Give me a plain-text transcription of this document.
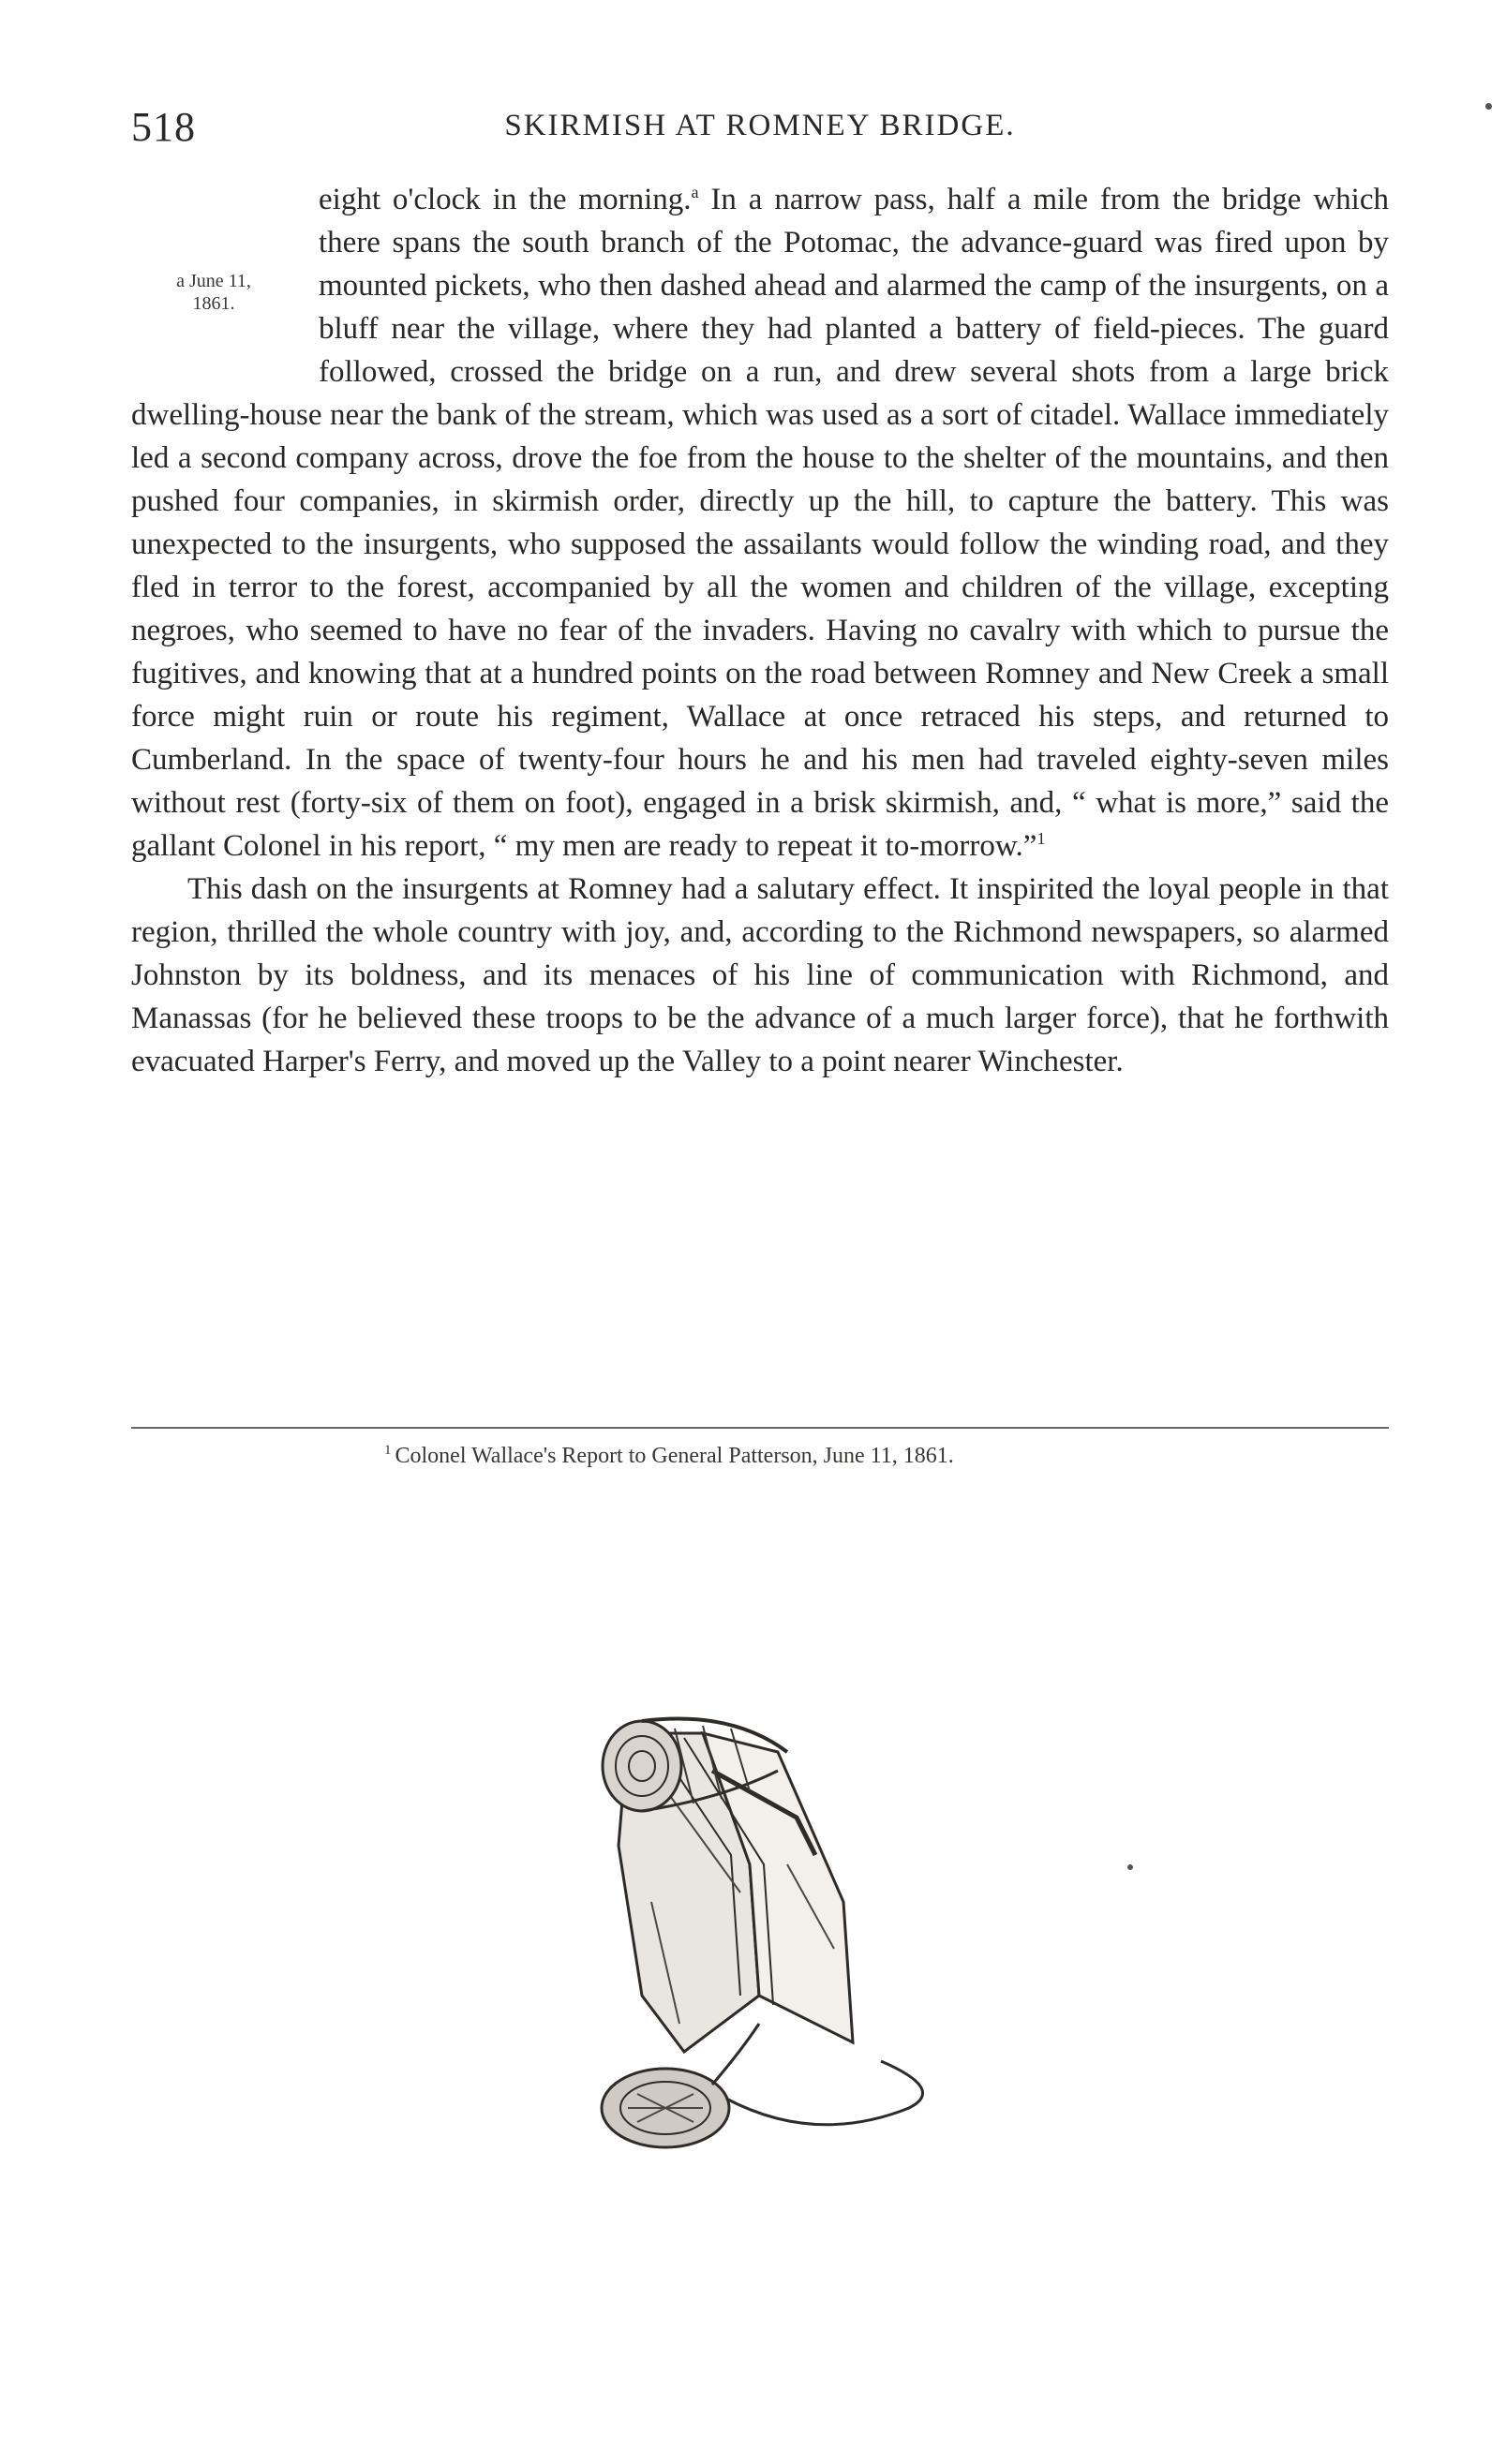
518	SKIRMISH AT ROMNEY BRIDGE.
a June 11,
1861.

eight o'clock in the morning.$^a$ In a narrow pass, half a mile from the bridge which there spans the south branch of the Potomac, the advance-guard was fired upon by mounted pickets, who then dashed ahead and alarmed the camp of the insurgents, on a bluff near the village, where they had planted a battery of field-pieces. The guard followed, crossed the bridge on a run, and drew several shots from a large brick dwelling-house near the bank of the stream, which was used as a sort of citadel. Wallace immediately led a second company across, drove the foe from the house to the shelter of the mountains, and then pushed four companies, in skirmish order, directly up the hill, to capture the battery. This was unexpected to the insurgents, who supposed the assailants would follow the winding road, and they fled in terror to the forest, accompanied by all the women and children of the village, excepting negroes, who seemed to have no fear of the invaders. Having no cavalry with which to pursue the fugitives, and knowing that at a hundred points on the road between Romney and New Creek a small force might ruin or route his regiment, Wallace at once retraced his steps, and returned to Cumberland. In the space of twenty-four hours he and his men had traveled eighty-seven miles without rest (forty-six of them on foot), engaged in a brisk skirmish, and, “ what is more,” said the gallant Colonel in his report, “ my men are ready to repeat it to-morrow.”$^1$

This dash on the insurgents at Romney had a salutary effect. It inspirited the loyal people in that region, thrilled the whole country with joy, and, according to the Richmond newspapers, so alarmed Johnston by its boldness, and its menaces of his line of communication with Richmond, and Manassas (for he believed these troops to be the advance of a much larger force), that he forthwith evacuated Harper's Ferry, and moved up the Valley to a point nearer Winchester.

$^1$ Colonel Wallace's Report to General Patterson, June 11, 1861.
